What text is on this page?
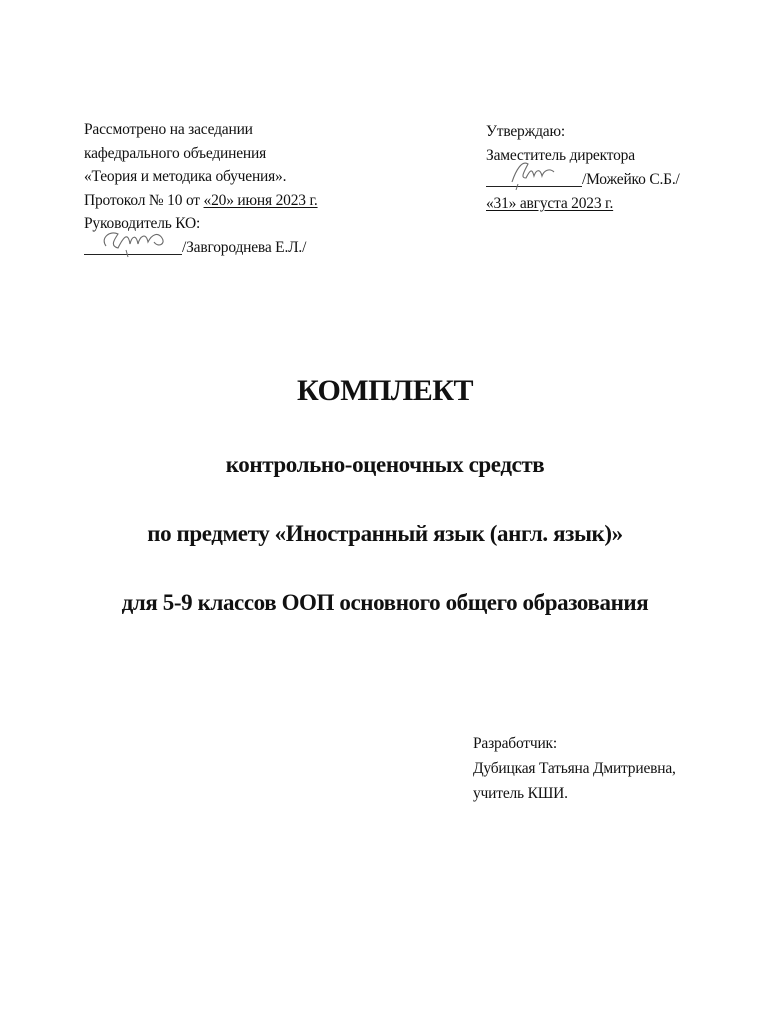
Рассмотрено на заседании
кафедрального объединения
«Теория и методика обучения».
Протокол № 10 от «20» июня 2023 г.
Руководитель КО:
/Завгороднева Е.Л./
Утверждаю:
Заместитель директора
/Можейко С.Б./
«31» августа 2023 г.
КОМПЛЕКТ
контрольно-оценочных средств
по предмету «Иностранный язык (англ. язык)»
для 5-9 классов ООП основного общего образования
Разработчик:
Дубицкая Татьяна Дмитриевна,
учитель КШИ.
